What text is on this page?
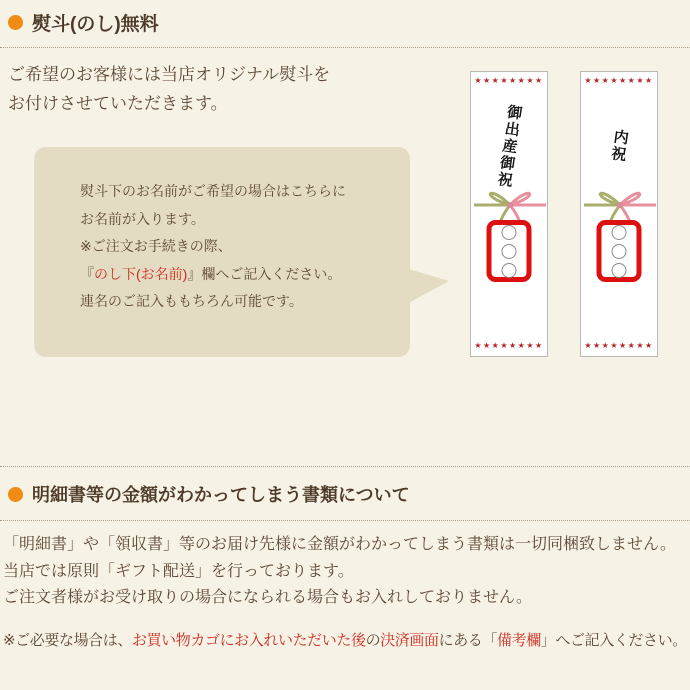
熨斗(のし)無料
ご希望のお客様には当店オリジナル熨斗を
お付けさせていただきます。
熨斗下のお名前がご希望の場合はこちらに
お名前が入ります。
※ご注文お手続きの際、
『のし下(お名前)』欄へご記入ください。
連名のご記入ももちろん可能です。
★★★★★★★★
御出産御祝
★★★★★★★★
★★★★★★★★
内祝
★★★★★★★★
明細書等の金額がわかってしまう書類について
「明細書」や「領収書」等のお届け先様に金額がわかってしまう書類は一切同梱致しません。
当店では原則「ギフト配送」を行っております。
ご注文者様がお受け取りの場合になられる場合もお入れしておりません。
※ご必要な場合は、お買い物カゴにお入れいただいた後の決済画面にある「備考欄」へご記入ください。
